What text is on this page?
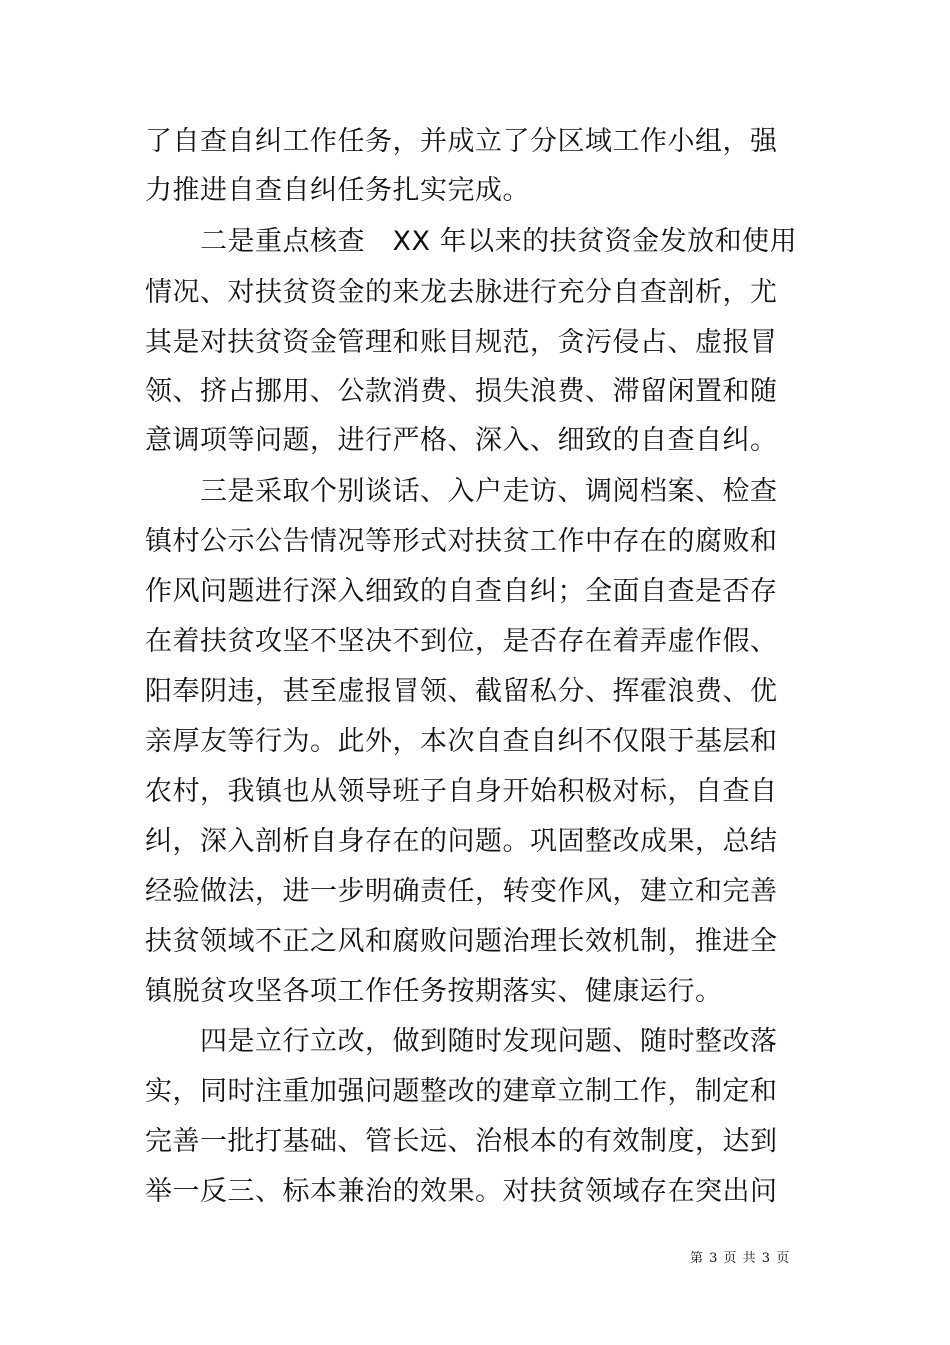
了自查自纠工作任务，并成立了分区域工作小组，强
力推进自查自纠任务扎实完成。
二是重点核查　XX 年以来的扶贫资金发放和使用
情况、对扶贫资金的来龙去脉进行充分自查剖析，尤
其是对扶贫资金管理和账目规范，贪污侵占、虚报冒
领、挤占挪用、公款消费、损失浪费、滞留闲置和随
意调项等问题，进行严格、深入、细致的自查自纠。
三是采取个别谈话、入户走访、调阅档案、检查
镇村公示公告情况等形式对扶贫工作中存在的腐败和
作风问题进行深入细致的自查自纠；全面自查是否存
在着扶贫攻坚不坚决不到位，是否存在着弄虚作假、
阳奉阴违，甚至虚报冒领、截留私分、挥霍浪费、优
亲厚友等行为。此外，本次自查自纠不仅限于基层和
农村，我镇也从领导班子自身开始积极对标，自查自
纠，深入剖析自身存在的问题。巩固整改成果，总结
经验做法，进一步明确责任，转变作风，建立和完善
扶贫领域不正之风和腐败问题治理长效机制，推进全
镇脱贫攻坚各项工作任务按期落实、健康运行。
四是立行立改，做到随时发现问题、随时整改落
实，同时注重加强问题整改的建章立制工作，制定和
完善一批打基础、管长远、治根本的有效制度，达到
举一反三、标本兼治的效果。对扶贫领域存在突出问
第 3 页 共 3 页
